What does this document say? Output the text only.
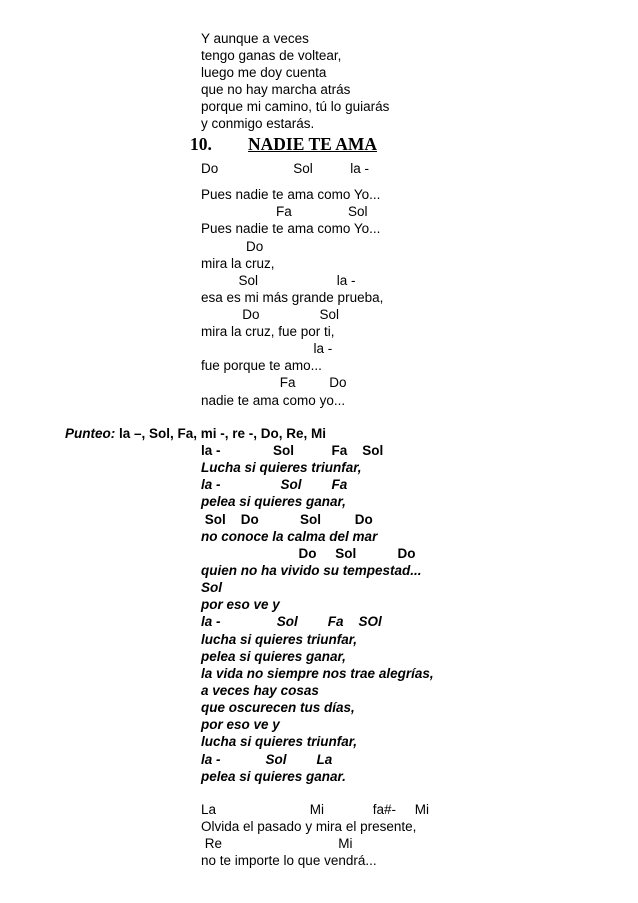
Y aunque a veces
tengo ganas de voltear,
luego me doy cuenta
que no hay marcha atrás
porque mi camino, tú lo guiarás
y conmigo estarás.
10. NADIE TE AMA
Do                    Sol          la -
Pues nadie te ama como Yo...
Fa               Sol
Pues nadie te ama como Yo...
Do
mira la cruz,
Sol                     la -
esa es mi más grande prueba,
Do                Sol
mira la cruz, fue por ti,
la -
fue porque te amo...
Fa         Do
nadie te ama como yo...
Punteo: la –, Sol, Fa, mi -, re -, Do, Re, Mi
la -              Sol          Fa    Sol
Lucha si quieres triunfar,
la -                Sol        Fa
pelea si quieres ganar,
Sol    Do           Sol         Do
no conoce la calma del mar
Do     Sol           Do
quien no ha vivido su tempestad...
Sol
por eso ve y
la -               Sol        Fa    SOl
lucha si quieres triunfar,
pelea si quieres ganar,
la vida no siempre nos trae alegrías,
a veces hay cosas
que oscurecen tus días,
por eso ve y
lucha si quieres triunfar,
la -            Sol        La
pelea si quieres ganar.
La                         Mi             fa#-     Mi
Olvida el pasado y mira el presente,
Re                               Mi
no te importe lo que vendrá...
